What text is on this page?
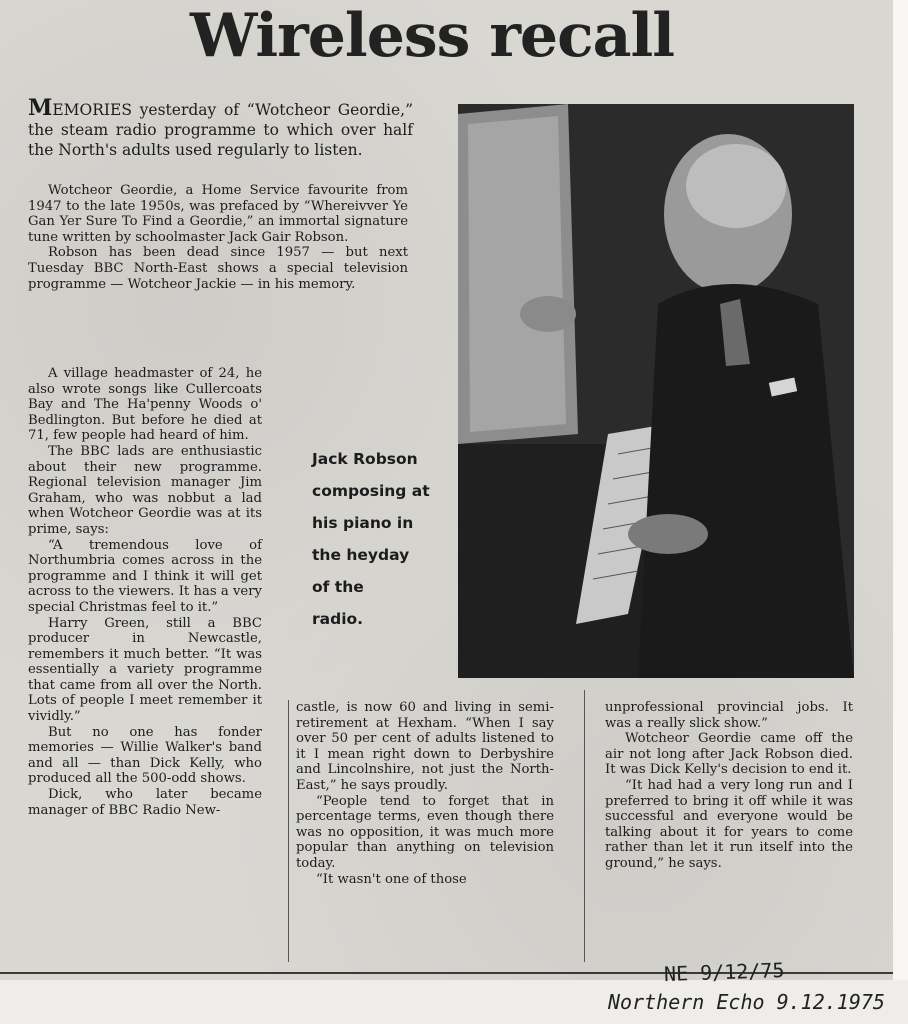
Wireless recall
MEMORIES yesterday of “Wotcheor Geordie,” the steam radio programme to which over half the North's adults used regularly to listen.

Wotcheor Geordie, a Home Service favourite from 1947 to the late 1950s, was prefaced by “Whereivver Ye Gan Yer Sure To Find a Geordie,” an immortal signature tune written by schoolmaster Jack Gair Robson.

Robson has been dead since 1957 — but next Tuesday BBC North-East shows a special television programme — Wotcheor Jackie — in his memory.

A village headmaster of 24, he also wrote songs like Cullercoats Bay and The Ha'penny Woods o' Bedlington. But before he died at 71, few people had heard of him.

The BBC lads are enthusiastic about their new programme. Regional television manager Jim Graham, who was nobbut a lad when Wotcheor Geordie was at its prime, says:

“A tremendous love of Northumbria comes across in the programme and I think it will get across to the viewers. It has a very special Christmas feel to it.”

Harry Green, still a BBC producer in Newcastle, remembers it much better. “It was essentially a variety programme that came from all over the North. Lots of people I meet remember it vividly.”

But no one has fonder memories — Willie Walker's band and all — than Dick Kelly, who produced all the 500-odd shows.

Dick, who later became manager of BBC Radio New-

Jack Robson
composing at
his piano in
the heyday
of the
radio.

castle, is now 60 and living in semi-retirement at Hexham. “When I say over 50 per cent of adults listened to it I mean right down to Derbyshire and Lincolnshire, not just the North-East,” he says proudly.

“People tend to forget that in percentage terms, even though there was no opposition, it was much more popular than anything on television today.

“It wasn't one of those

unprofessional provincial jobs. It was a really slick show.”

Wotcheor Geordie came off the air not long after Jack Robson died. It was Dick Kelly's decision to end it.

“It had had a very long run and I preferred to bring it off while it was successful and everyone would be talking about it for years to come rather than let it run itself into the ground,” he says.

NE 9/12/75
Northern Echo 9.12.1975
